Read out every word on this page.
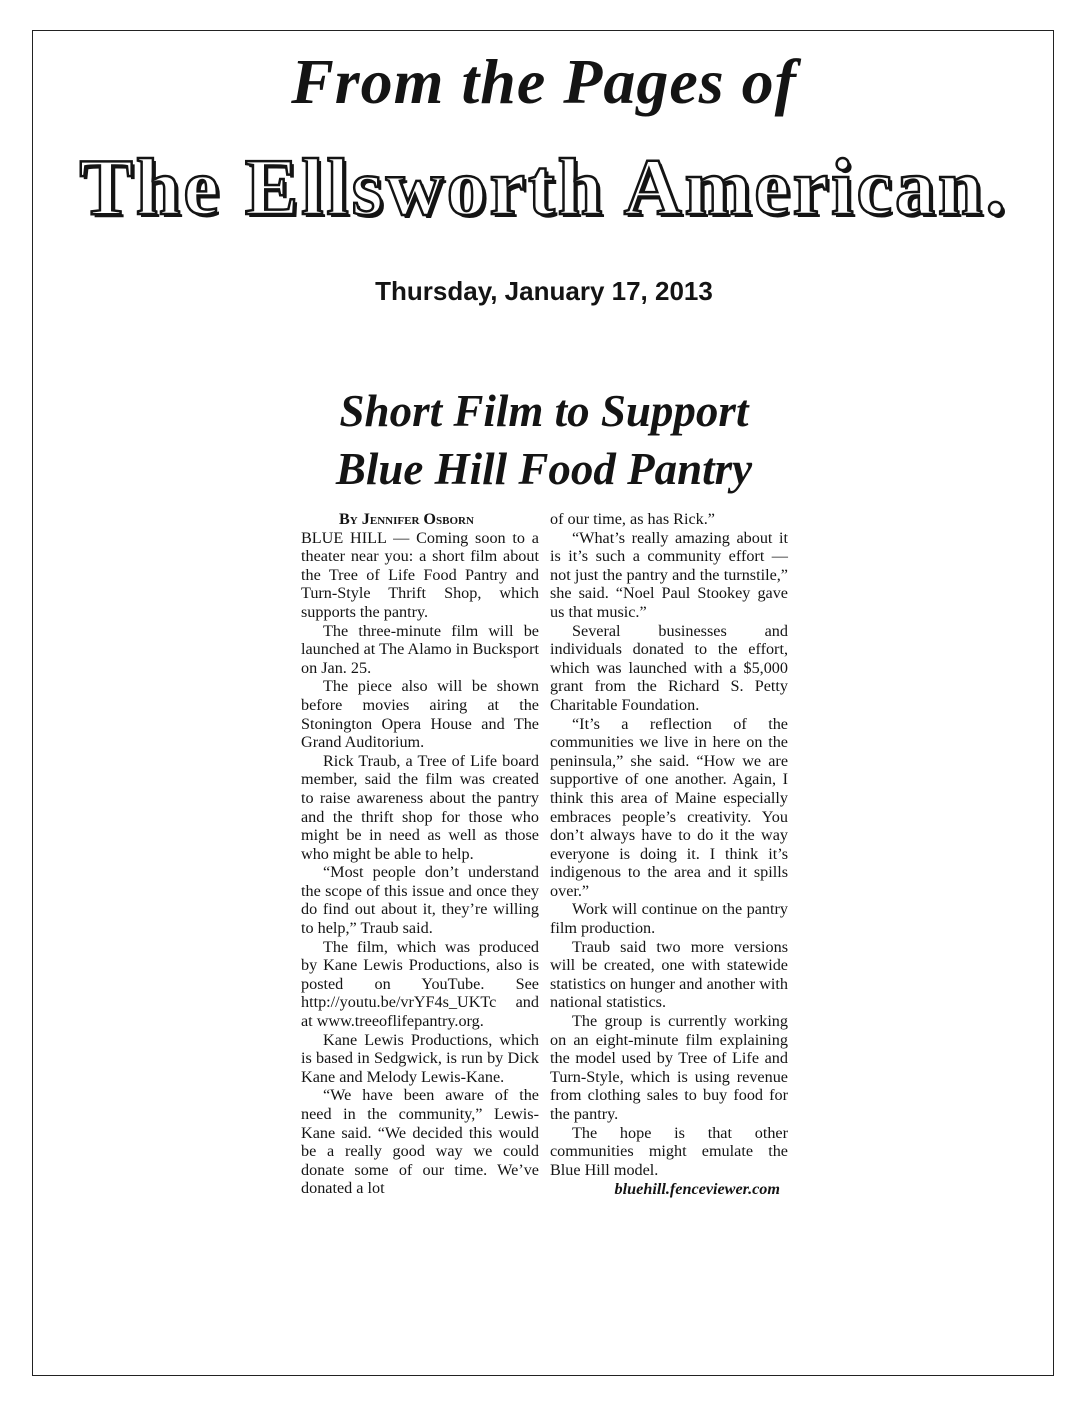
From the Pages of
The Ellsworth American.
Thursday, January 17, 2013
Short Film to Support
Blue Hill Food Pantry

By Jennifer Osborn

BLUE HILL — Coming soon to a theater near you: a short film about the Tree of Life Food Pantry and Turn-Style Thrift Shop, which supports the pantry.

The three-minute film will be launched at The Alamo in Bucksport on Jan. 25.

The piece also will be shown before movies airing at the Stonington Opera House and The Grand Auditorium.

Rick Traub, a Tree of Life board member, said the film was created to raise awareness about the pantry and the thrift shop for those who might be in need as well as those who might be able to help.

“Most people don’t understand the scope of this issue and once they do find out about it, they’re willing to help,” Traub said.

The film, which was produced by Kane Lewis Productions, also is posted on YouTube. See http://youtu.be/vrYF4s_UKTc and at www.treeoflifepantry.org.

Kane Lewis Productions, which is based in Sedgwick, is run by Dick Kane and Melody Lewis-Kane.

“We have been aware of the need in the community,” Lewis-Kane said. “We decided this would be a really good way we could donate some of our time. We’ve donated a lot

of our time, as has Rick.”

“What’s really amazing about it is it’s such a community effort — not just the pantry and the turnstile,” she said. “Noel Paul Stookey gave us that music.”

Several businesses and individuals donated to the effort, which was launched with a $5,000 grant from the Richard S. Petty Charitable Foundation.

“It’s a reflection of the communities we live in here on the peninsula,” she said. “How we are supportive of one another. Again, I think this area of Maine especially embraces people’s creativity. You don’t always have to do it the way everyone is doing it. I think it’s indigenous to the area and it spills over.”

Work will continue on the pantry film production.

Traub said two more versions will be created, one with statewide statistics on hunger and another with national statistics.

The group is currently working on an eight-minute film explaining the model used by Tree of Life and Turn-Style, which is using revenue from clothing sales to buy food for the pantry.

The hope is that other communities might emulate the Blue Hill model.

bluehill.fenceviewer.com
